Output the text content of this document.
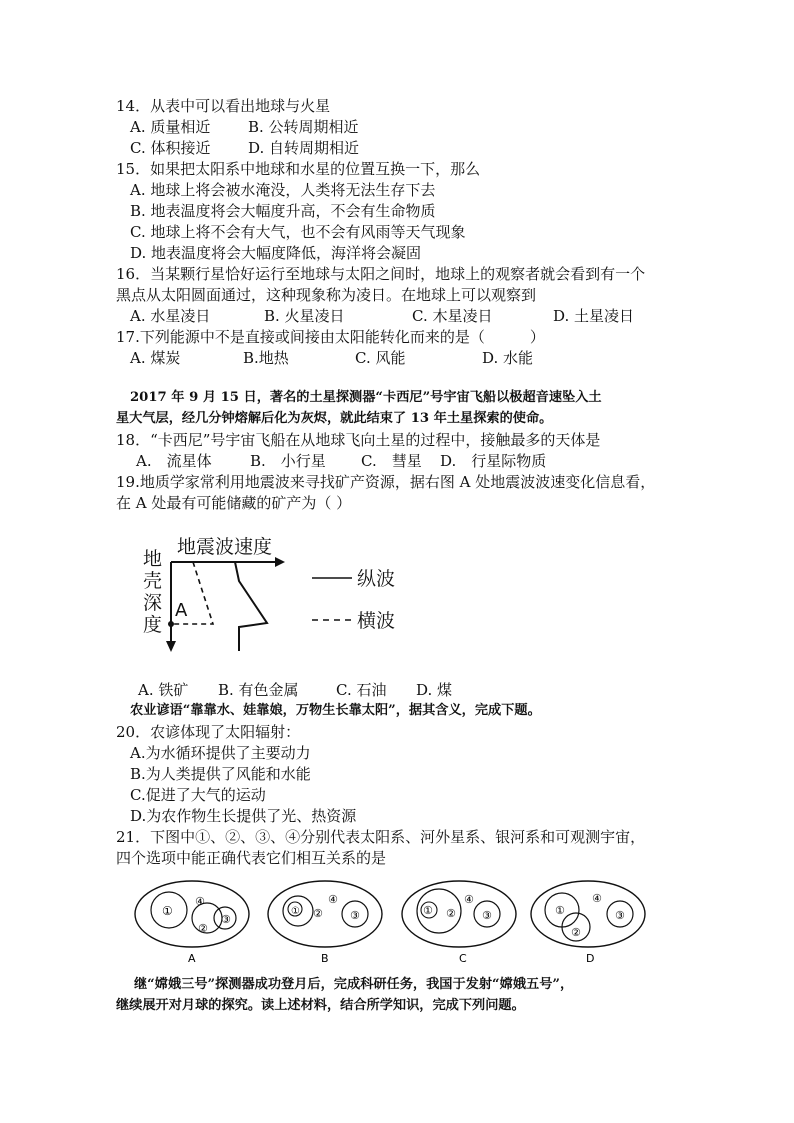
14．从表中可以看出地球与火星
A. 质量相近	B. 公转周期相近
C. 体积接近	D. 自转周期相近
15．如果把太阳系中地球和水星的位置互换一下，那么
A. 地球上将会被水淹没，人类将无法生存下去
B. 地表温度将会大幅度升高，不会有生命物质
C. 地球上将不会有大气，也不会有风雨等天气现象
D. 地表温度将会大幅度降低，海洋将会凝固
16．当某颗行星恰好运行至地球与太阳之间时，地球上的观察者就会看到有一个
黑点从太阳圆面通过，这种现象称为凌日。在地球上可以观察到
A. 水星凌日	B. 火星凌日	C. 木星凌日	D. 土星凌日
17.下列能源中不是直接或间接由太阳能转化而来的是（　　　）
A. 煤炭	B.地热	C. 风能	D. 水能
2017 年 9 月 15 日，著名的土星探测器“卡西尼”号宇宙飞船以极超音速坠入土
星大气层，经几分钟熔解后化为灰烬，就此结束了 13 年土星探索的使命。
18．“卡西尼”号宇宙飞船在从地球飞向土星的过程中，接触最多的天体是
A.　流星体	B.　小行星 C.　彗星 D.　行星际物质
19.地质学家常利用地震波来寻找矿产资源，据右图 A 处地震波波速变化信息看，
在 A 处最有可能储藏的矿产为（ ）
地震波速度
地
壳
深
度
A
纵波
横波
A. 铁矿 B. 有色金属 C. 石油 D. 煤
农业谚语“靠靠水、娃靠娘，万物生长靠太阳”，据其含义，完成下题。
20．农谚体现了太阳辐射：
A.为水循环提供了主要动力
B.为人类提供了风能和水能
C.促进了大气的运动
D.为农作物生长提供了光、热资源
21．下图中①、②、③、④分别代表太阳系、河外星系、银河系和可观测宇宙，
四个选项中能正确代表它们相互关系的是
①
④
②
③
A
①
④
② ③
B
①
④
② ③
C
①
④
②
③
D
继“嫦娥三号”探测器成功登月后，完成科研任务，我国于发射“嫦娥五号”，
继续展开对月球的探究。读上述材料，结合所学知识，完成下列问题。
